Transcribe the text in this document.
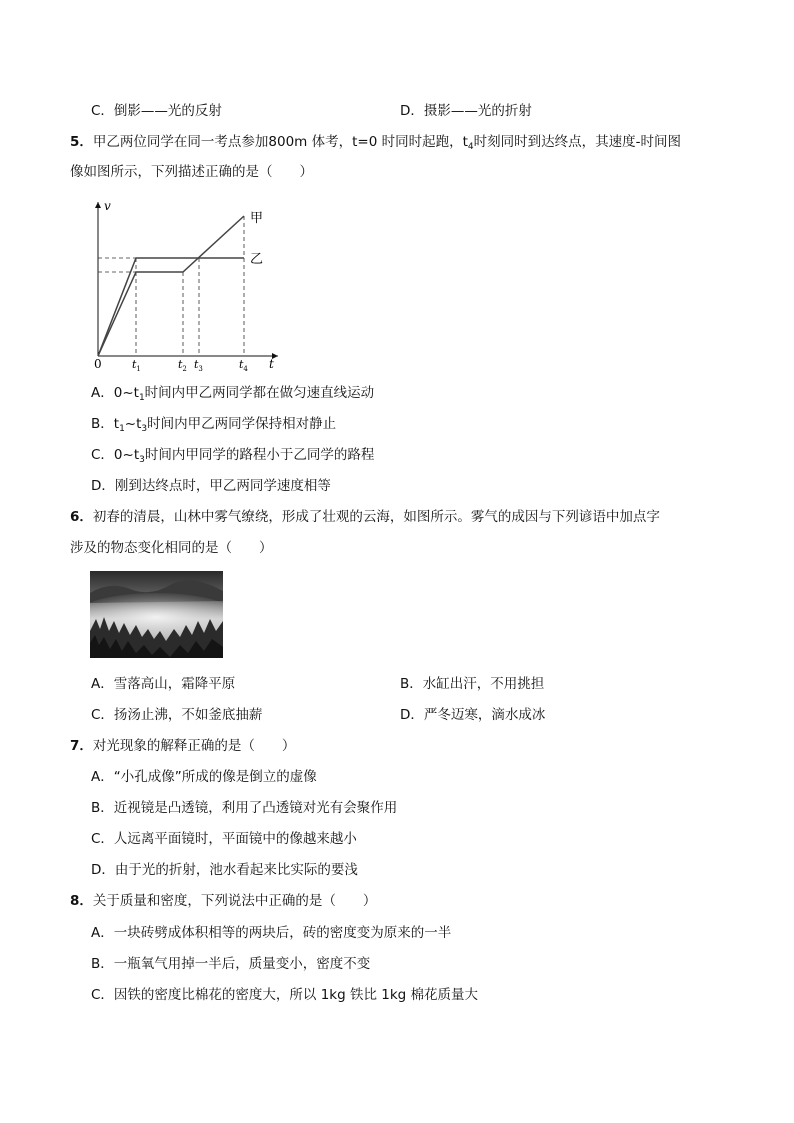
C．倒影——光的反射	D．摄影——光的折射
5．甲乙两位同学在同一考点参加800m 体考，t=0 时同时起跑，$t_4$时刻同时到达终点，其速度-时间图
像如图所示，下列描述正确的是（　　）
v
t
0
甲
乙
$t_1$	$t_2$ $t_3$	$t_4$
A．$0\sim t_1$时间内甲乙两同学都在做匀速直线运动
B．$t_1\sim t_3$时间内甲乙两同学保持相对静止
C．$0\sim t_3$时间内甲同学的路程小于乙同学的路程
D．刚到达终点时，甲乙两同学速度相等
6．初春的清晨，山林中雾气缭绕，形成了壮观的云海，如图所示。雾气的成因与下列谚语中加点字
涉及的物态变化相同的是（　　）
A．雪落高山，霜降平原	B．水缸出汗，不用挑担
C．扬汤止沸，不如釜底抽薪	D．严冬迈寒，滴水成冰
7．对光现象的解释正确的是（　　）
A．“小孔成像”所成的像是倒立的虚像
B．近视镜是凸透镜，利用了凸透镜对光有会聚作用
C．人远离平面镜时，平面镜中的像越来越小
D．由于光的折射，池水看起来比实际的要浅
8．关于质量和密度，下列说法中正确的是（　　）
A．一块砖劈成体积相等的两块后，砖的密度变为原来的一半
B．一瓶氧气用掉一半后，质量变小，密度不变
C．因铁的密度比棉花的密度大，所以 1kg 铁比 1kg 棉花质量大
